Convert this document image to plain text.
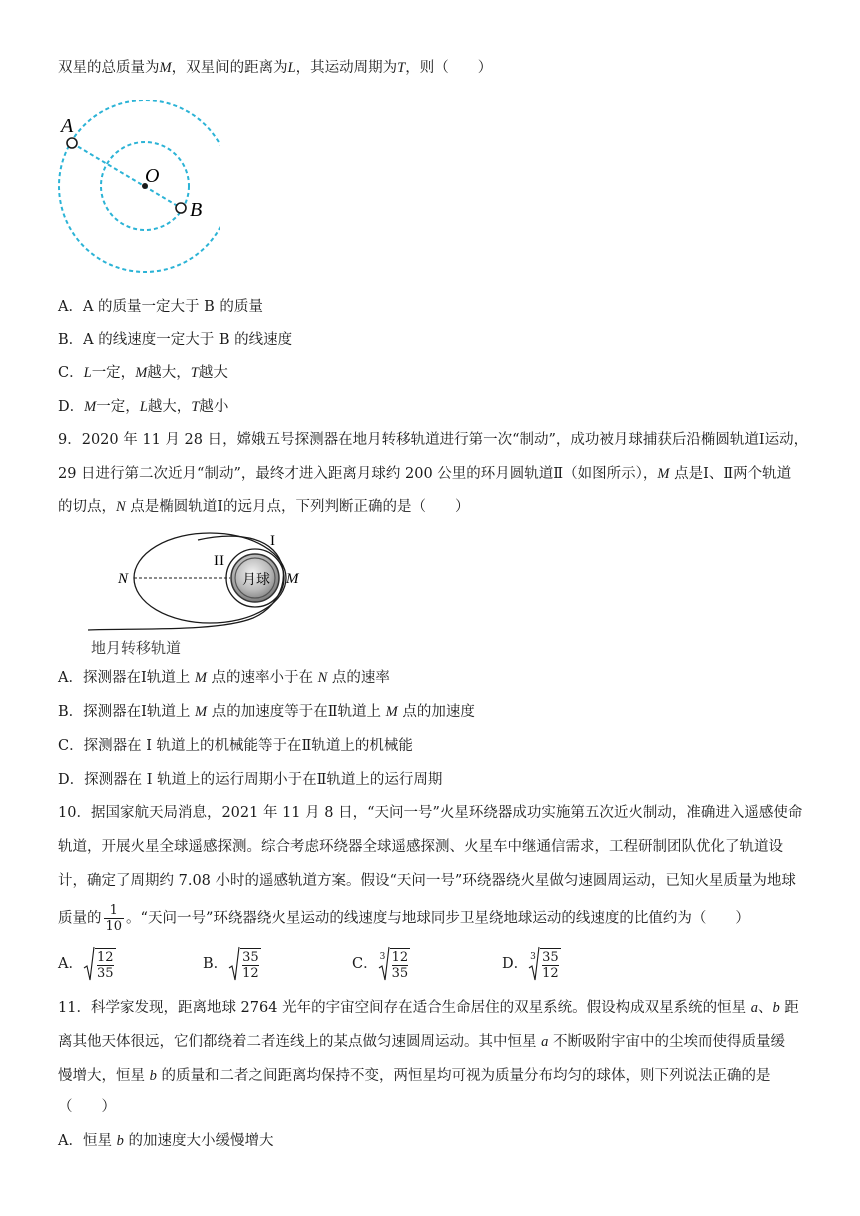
双星的总质量为M，双星间的距离为L，其运动周期为T，则（　　）
A
O
B
A．A 的质量一定大于 B 的质量
B．A 的线速度一定大于 B 的线速度
C．L一定，M越大，T越大
D．M一定，L越大，T越小
9．2020 年 11 月 28 日，嫦娥五号探测器在地月转移轨道进行第一次“制动”，成功被月球捕获后沿椭圆轨道Ⅰ运动，
29 日进行第二次近月“制动”，最终才进入距离月球约 200 公里的环月圆轨道Ⅱ（如图所示），M 点是Ⅰ、Ⅱ两个轨道
的切点，N 点是椭圆轨道Ⅰ的远月点，下列判断正确的是（　　）
月球
I
II
N	M
地月转移轨道
A．探测器在Ⅰ轨道上 M 点的速率小于在 N 点的速率
B．探测器在Ⅰ轨道上 M 点的加速度等于在Ⅱ轨道上 M 点的加速度
C．探测器在 I 轨道上的机械能等于在Ⅱ轨道上的机械能
D．探测器在 I 轨道上的运行周期小于在Ⅱ轨道上的运行周期
10．据国家航天局消息，2021 年 11 月 8 日，“天问一号”火星环绕器成功实施第五次近火制动，准确进入遥感使命
轨道，开展火星全球遥感探测。综合考虑环绕器全球遥感探测、火星车中继通信需求，工程研制团队优化了轨道设
计，确定了周期约 7.08 小时的遥感轨道方案。假设“天问一号”环绕器绕火星做匀速圆周运动，已知火星质量为地球
质量的 $\frac{1}{10}$ 。“天问一号”环绕器绕火星运动的线速度与地球同步卫星绕地球运动的线速度的比值约为（　　）
A． $\frac{12}{35}$	B． $\frac{35}{12}$	C． $3 \frac{12}{35}$	D． $3 \frac{35}{12}$
11．科学家发现，距离地球 2764 光年的宇宙空间存在适合生命居住的双星系统。假设构成双星系统的恒星 a、b 距
离其他天体很远，它们都绕着二者连线上的某点做匀速圆周运动。其中恒星 a 不断吸附宇宙中的尘埃而使得质量缓
慢增大，恒星 b 的质量和二者之间距离均保持不变，两恒星均可视为质量分布均匀的球体，则下列说法正确的是
（　　）
A．恒星 b 的加速度大小缓慢增大
